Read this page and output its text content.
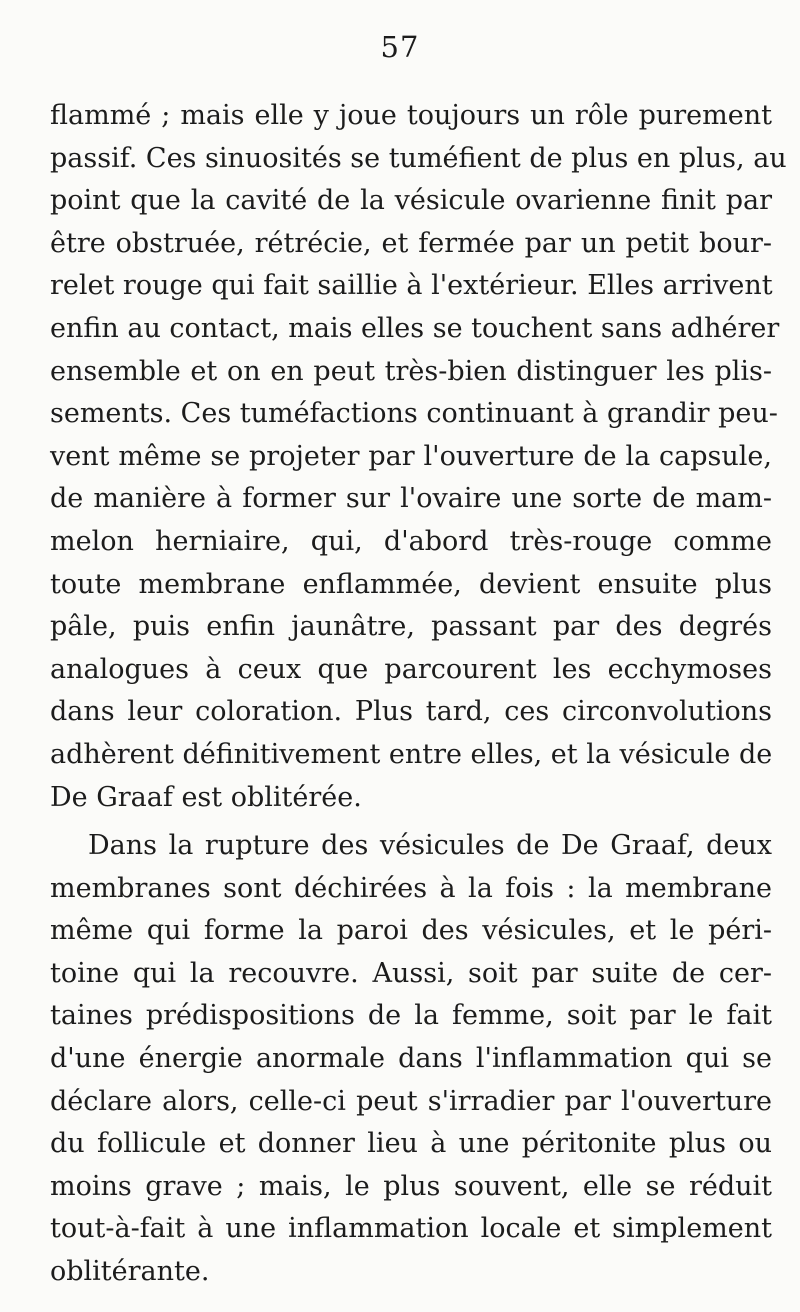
57
flammé ; mais elle y joue toujours un rôle purement
passif. Ces sinuosités se tuméfient de plus en plus, au
point que la cavité de la vésicule ovarienne finit par
être obstruée, rétrécie, et fermée par un petit bour-
relet rouge qui fait saillie à l'extérieur. Elles arrivent
enfin au contact, mais elles se touchent sans adhérer
ensemble et on en peut très-bien distinguer les plis-
sements. Ces tuméfactions continuant à grandir peu-
vent même se projeter par l'ouverture de la capsule,
de manière à former sur l'ovaire une sorte de mam-
melon herniaire, qui, d'abord très-rouge comme
toute membrane enflammée, devient ensuite plus
pâle, puis enfin jaunâtre, passant par des degrés
analogues à ceux que parcourent les ecchymoses
dans leur coloration. Plus tard, ces circonvolutions
adhèrent définitivement entre elles, et la vésicule de
De Graaf est oblitérée.
Dans la rupture des vésicules de De Graaf, deux
membranes sont déchirées à la fois : la membrane
même qui forme la paroi des vésicules, et le péri-
toine qui la recouvre. Aussi, soit par suite de cer-
taines prédispositions de la femme, soit par le fait
d'une énergie anormale dans l'inflammation qui se
déclare alors, celle-ci peut s'irradier par l'ouverture
du follicule et donner lieu à une péritonite plus ou
moins grave ; mais, le plus souvent, elle se réduit
tout-à-fait à une inflammation locale et simplement
oblitérante.
